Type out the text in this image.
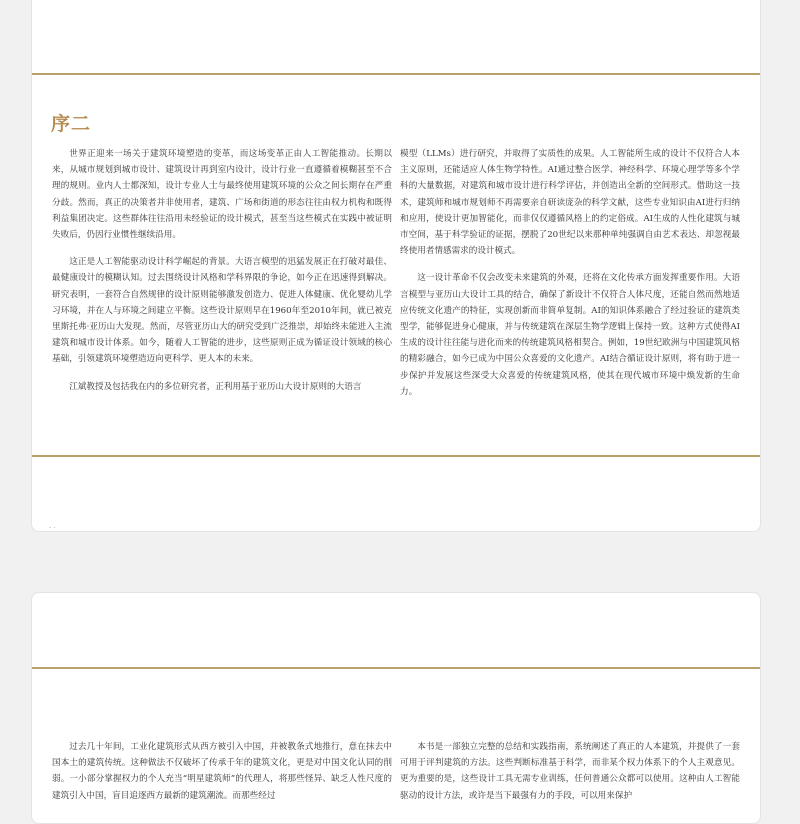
序二

世界正迎来一场关于建筑环境塑造的变革，而这场变革正由人工智能推动。长期以来，从城市规划到城市设计、建筑设计再到室内设计，设计行业一直遵循着模糊甚至不合理的规则。业内人士都深知，设计专业人士与最终使用建筑环境的公众之间长期存在严重分歧。然而，真正的决策者并非使用者，建筑、广场和街道的形态往往由权力机构和既得利益集团决定。这些群体往往沿用未经验证的设计模式，甚至当这些模式在实践中被证明失败后，仍因行业惯性继续沿用。

这正是人工智能驱动设计科学崛起的背景。大语言模型的迅猛发展正在打破对最佳、最健康设计的模糊认知。过去围绕设计风格和学科界限的争论，如今正在迅速得到解决。研究表明，一套符合自然规律的设计原则能够激发创造力、促进人体健康、优化婴幼儿学习环境，并在人与环境之间建立平衡。这些设计原则早在1960年至2010年间，就已被克里斯托弗·亚历山大发现。然而，尽管亚历山大的研究受到广泛推崇，却始终未能进入主流建筑和城市设计体系。如今，随着人工智能的进步，这些原则正成为循证设计领域的核心基础，引领建筑环境塑造迈向更科学、更人本的未来。

江斌教授及包括我在内的多位研究者，正利用基于亚历山大设计原则的大语言

模型（LLMs）进行研究，并取得了实质性的成果。人工智能所生成的设计不仅符合人本主义原则，还能适应人体生物学特性。AI通过整合医学、神经科学、环境心理学等多个学科的大量数据，对建筑和城市设计进行科学评估，并创造出全新的空间形式。借助这一技术，建筑师和城市规划师不再需要亲自研读庞杂的科学文献，这些专业知识由AI进行归纳和应用，使设计更加智能化，而非仅仅遵循风格上的约定俗成。AI生成的人性化建筑与城市空间，基于科学验证的证据，摆脱了20世纪以来那种单纯强调自由艺术表达、却忽视最终使用者情感需求的设计模式。

这一设计革命不仅会改变未来建筑的外观，还将在文化传承方面发挥重要作用。大语言模型与亚历山大设计工具的结合，确保了新设计不仅符合人体尺度，还能自然而然地适应传统文化遗产的特征，实现创新而非简单复制。AI的知识体系融合了经过验证的建筑类型学，能够促进身心健康，并与传统建筑在深层生物学逻辑上保持一致。这种方式使得AI生成的设计往往能与进化而来的传统建筑风格相契合。例如，19世纪欧洲与中国建筑风格的精彩融合，如今已成为中国公众喜爱的文化遗产。AI结合循证设计原则，将有助于进一步保护并发展这些深受大众喜爱的传统建筑风格，使其在现代城市环境中焕发新的生命力。

· ·

过去几十年间，工业化建筑形式从西方被引入中国，并被教条式地推行，意在抹去中国本土的建筑传统。这种做法不仅破坏了传承千年的建筑文化，更是对中国文化认同的削弱。一小部分掌握权力的个人充当“明星建筑师”的代理人，将那些怪异、缺乏人性尺度的建筑引入中国，盲目追逐西方最新的建筑潮流。而那些经过

本书是一部独立完整的总结和实践指南，系统阐述了真正的人本建筑，并提供了一套可用于评判建筑的方法。这些判断标准基于科学，而非某个权力体系下的个人主观意见。更为重要的是，这些设计工具无需专业训练，任何普通公众都可以使用。这种由人工智能驱动的设计方法，或许是当下最强有力的手段，可以用来保护
